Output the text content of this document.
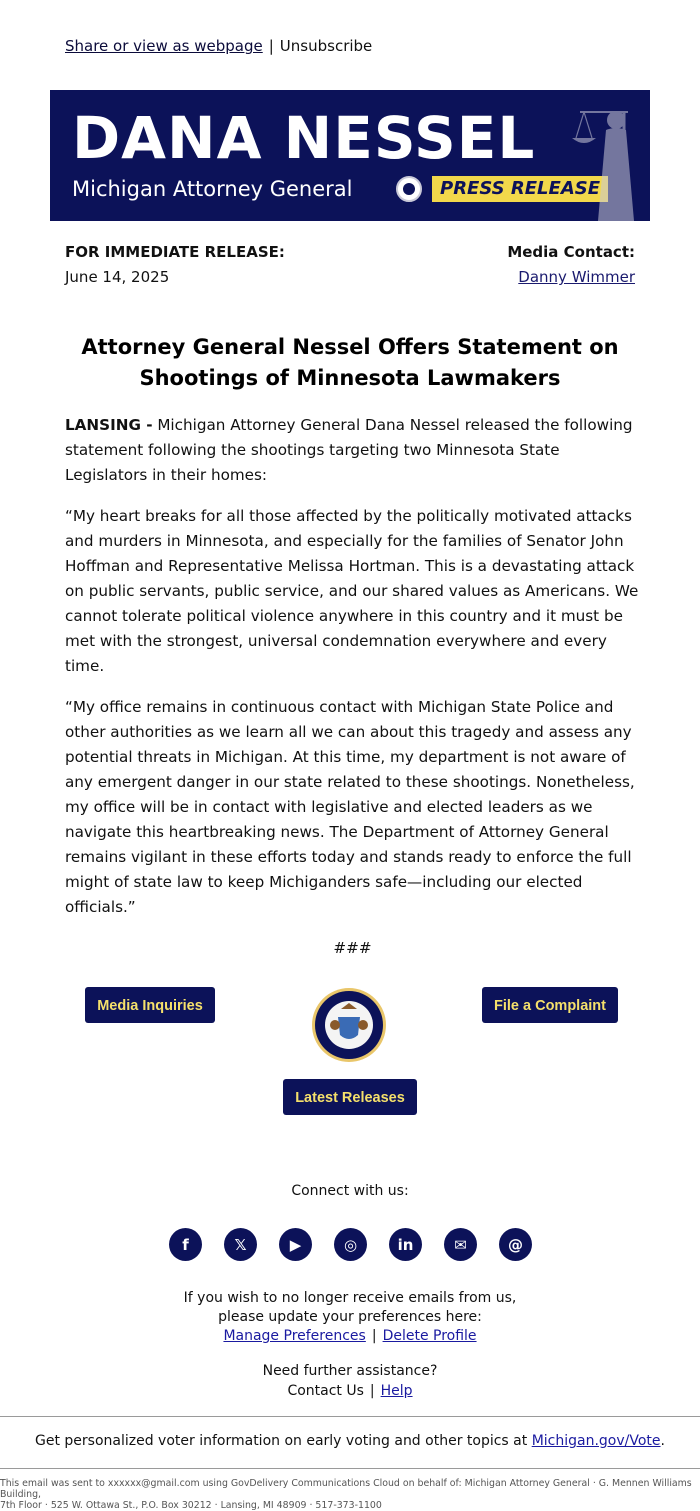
Share or view as webpage | Unsubscribe
DANA NESSEL
Michigan Attorney General	PRESS RELEASE
FOR IMMEDIATE RELEASE:
June 14, 2025
Media Contact:
Danny Wimmer
Attorney General Nessel Offers Statement on
Shootings of Minnesota Lawmakers

LANSING - Michigan Attorney General Dana Nessel released the following statement following the shootings targeting two Minnesota State Legislators in their homes:

“My heart breaks for all those affected by the politically motivated attacks and murders in Minnesota, and especially for the families of Senator John Hoffman and Representative Melissa Hortman. This is a devastating attack on public servants, public service, and our shared values as Americans. We cannot tolerate political violence anywhere in this country and it must be met with the strongest, universal condemnation everywhere and every time.

“My office remains in continuous contact with Michigan State Police and other authorities as we learn all we can about this tragedy and assess any potential threats in Michigan. At this time, my department is not aware of any emergent danger in our state related to these shootings. Nonetheless, my office will be in contact with legislative and elected leaders as we navigate this heartbreaking news. The Department of Attorney General remains vigilant in these efforts today and stands ready to enforce the full might of state law to keep Michiganders safe—including our elected officials.”

###
Media Inquiries	File a Complaint
Latest Releases
Connect with us:
f	𝕏	▶	◎	in	✉	@
If you wish to no longer receive emails from us,
please update your preferences here:
Manage Preferences | Delete Profile
Need further assistance?
Contact Us | Help
Get personalized voter information on early voting and other topics at Michigan.gov/Vote.
This email was sent to xxxxxx@gmail.com using GovDelivery Communications Cloud on behalf of: Michigan Attorney General · G. Mennen Williams Building,
7th Floor · 525 W. Ottawa St., P.O. Box 30212 · Lansing, MI 48909 · 517-373-1100
